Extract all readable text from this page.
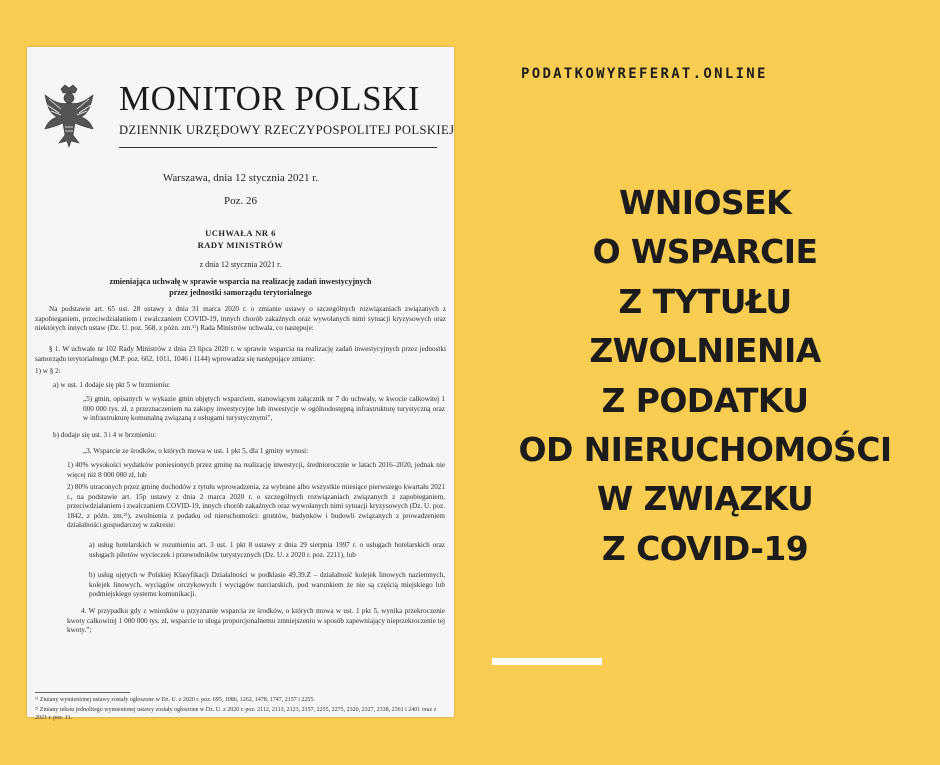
MONITOR POLSKI
DZIENNIK URZĘDOWY RZECZYPOSPOLITEJ POLSKIEJ
Warszawa, dnia 12 stycznia 2021 r.
Poz. 26
UCHWAŁA NR 6
RADY MINISTRÓW
z dnia 12 stycznia 2021 r.
zmieniająca uchwałę w sprawie wsparcia na realizację zadań inwestycyjnych
przez jednostki samorządu terytorialnego
Na podstawie art. 65 ust. 28 ustawy z dnia 31 marca 2020 r. o zmianie ustawy o szczególnych rozwiązaniach związanych z zapobieganiem, przeciwdziałaniem i zwalczaniem COVID-19, innych chorób zakaźnych oraz wywołanych nimi sytuacji kryzysowych oraz niektórych innych ustaw (Dz. U. poz. 568, z późn. zm.¹⁾) Rada Ministrów uchwala, co następuje:
§ 1. W uchwale nr 102 Rady Ministrów z dnia 23 lipca 2020 r. w sprawie wsparcia na realizację zadań inwestycyjnych przez jednostki samorządu terytorialnego (M.P. poz. 662, 1011, 1046 i 1144) wprowadza się następujące zmiany:
1) w § 2:
a) w ust. 1 dodaje się pkt 5 w brzmieniu:
„5) gmin, opisanych w wykazie gmin objętych wsparciem, stanowiącym załącznik nr 7 do uchwały, w kwocie całkowitej 1 000 000 tys. zł. z przeznaczeniem na zakupy inwestycyjne lub inwestycje w ogólnodostępną infrastrukturę turystyczną oraz w infrastrukturę komunalną związaną z usługami turystycznymi”,
b) dodaje się ust. 3 i 4 w brzmieniu:
„3. Wsparcie ze środków, o których mowa w ust. 1 pkt 5, dla 1 gminy wynosi:
1) 40% wysokości wydatków poniesionych przez gminę na realizację inwestycji, średniorocznie w latach 2016–2020, jednak nie więcej niż 8 000 000 zł, lub
2) 80% utraconych przez gminę dochodów z tytułu wprowadzenia, za wybrane albo wszystkie miesiące pierwszego kwartału 2021 r., na podstawie art. 15p ustawy z dnia 2 marca 2020 r. o szczególnych rozwiązaniach związanych z zapobieganiem, przeciwdziałaniem i zwalczaniem COVID-19, innych chorób zakaźnych oraz wywołanych nimi sytuacji kryzysowych (Dz. U. poz. 1842, z późn. zm.²⁾), zwolnienia z podatku od nieruchomości: gruntów, budynków i budowli związanych z prowadzeniem działalności gospodarczej w zakresie:
a) usług hotelarskich w rozumieniu art. 3 ust. 1 pkt 8 ustawy z dnia 29 sierpnia 1997 r. o usługach hotelarskich oraz usługach pilotów wycieczek i przewodników turystycznych (Dz. U. z 2020 r. poz. 2211), lub
b) usług ujętych w Polskiej Klasyfikacji Działalności w podklasie 49.39.Z – działalność kolejek linowych naziemnych, kolejek linowych, wyciągów orczykowych i wyciągów narciarskich, pod warunkiem że nie są częścią miejskiego lub podmiejskiego systemu komunikacji.
4. W przypadku gdy z wniosków o przyznanie wsparcia ze środków, o których mowa w ust. 1 pkt 5, wynika przekroczenie kwoty całkowitej 1 000 000 tys. zł, wsparcie to ulega proporcjonalnemu zmniejszeniu w sposób zapewniający nieprzekroczenie tej kwoty.”;
¹⁾ Zmiany wymienionej ustawy zostały ogłoszone w Dz. U. z 2020 r. poz. 695, 1086, 1262, 1478, 1747, 2157 i 2255.
²⁾ Zmiany tekstu jednolitego wymienionej ustawy zostały ogłoszone w Dz. U. z 2020 r. poz. 2112, 2113, 2123, 2157, 2255, 2275, 2320, 2327, 2338, 2361 i 2401 oraz z 2021 r. poz. 11.
PODATKOWYREFERAT.ONLINE
WNIOSEK
O WSPARCIE
Z TYTUŁU
ZWOLNIENIA
Z PODATKU
OD NIERUCHOMOŚCI
W ZWIĄZKU
Z COVID-19
